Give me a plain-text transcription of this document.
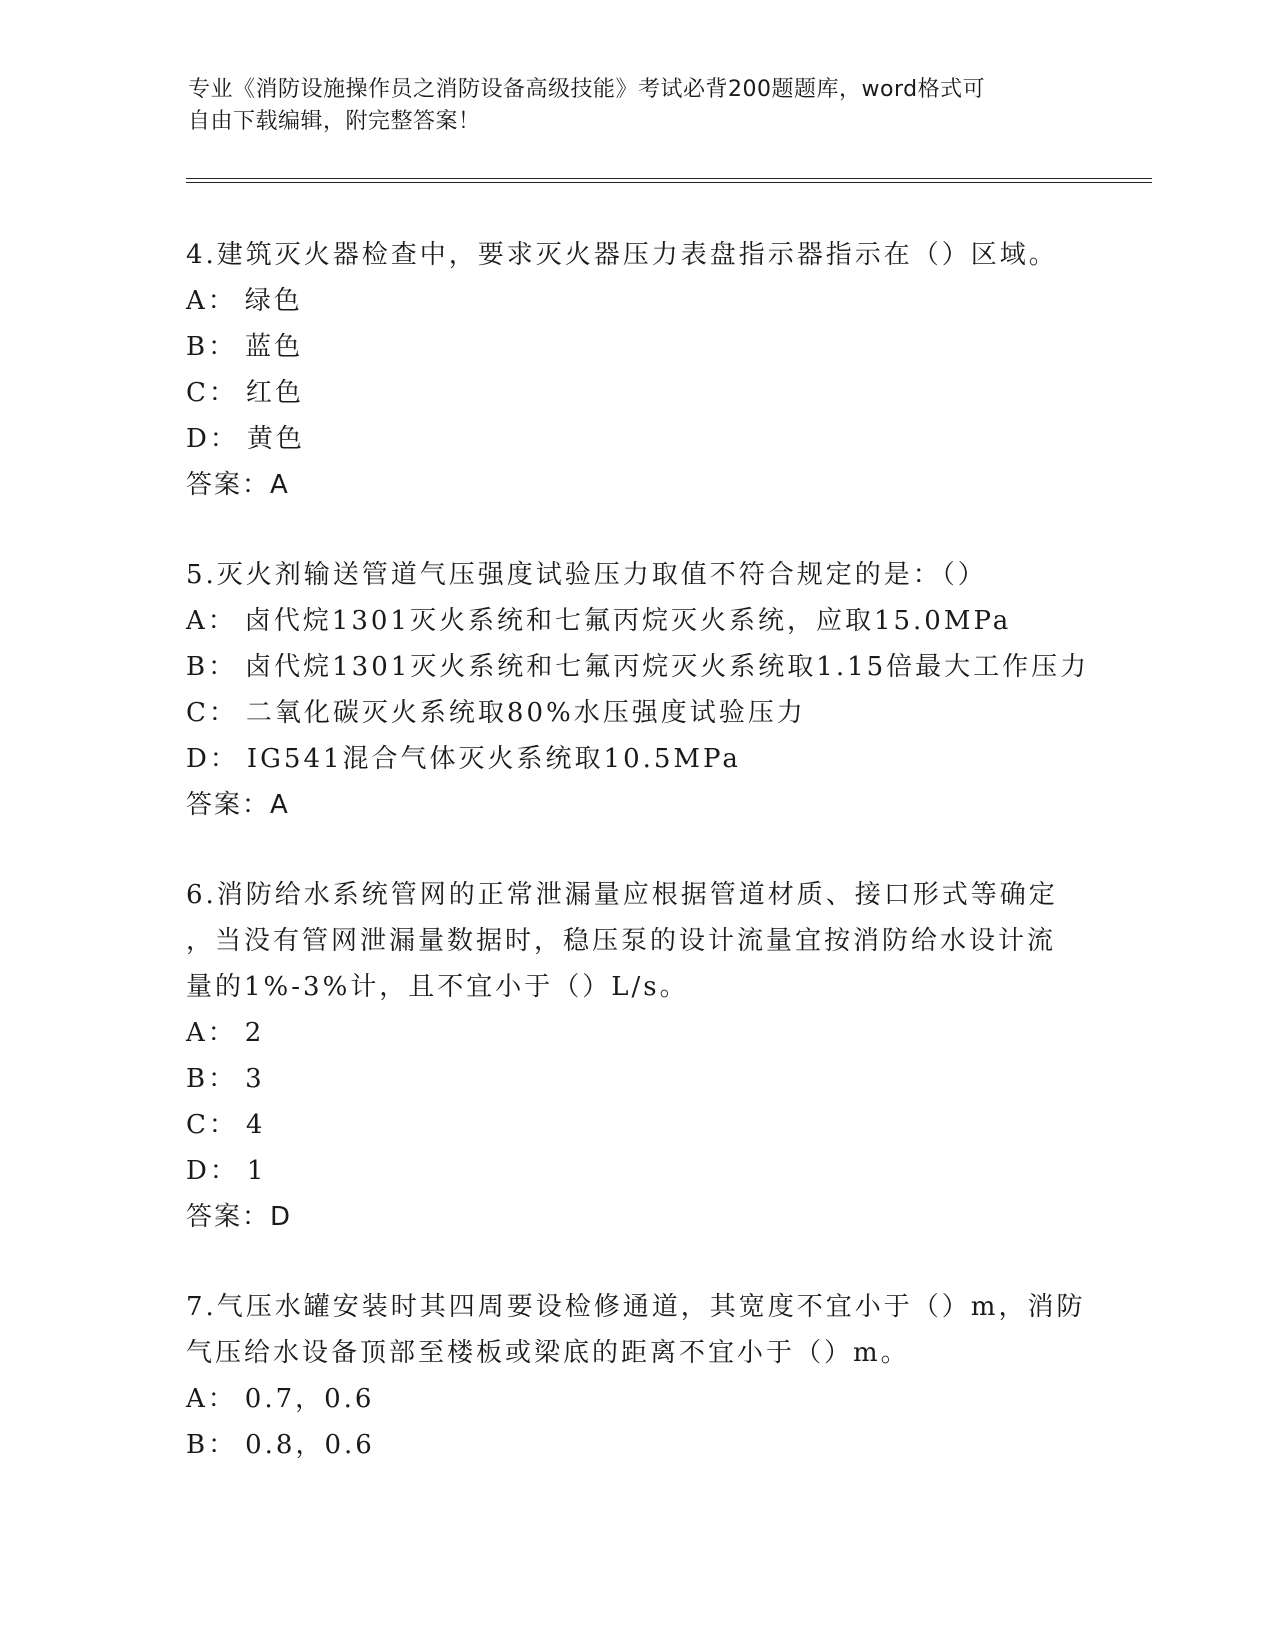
专业《消防设施操作员之消防设备高级技能》考试必背200题题库，word格式可
自由下载编辑，附完整答案！
4.建筑灭火器检查中，要求灭火器压力表盘指示器指示在（）区域。
A： 绿色
B： 蓝色
C： 红色
D： 黄色
答案：A
5.灭火剂输送管道气压强度试验压力取值不符合规定的是：（）
A： 卤代烷1301灭火系统和七氟丙烷灭火系统，应取15.0MPa
B： 卤代烷1301灭火系统和七氟丙烷灭火系统取1.15倍最大工作压力
C： 二氧化碳灭火系统取80%水压强度试验压力
D： IG541混合气体灭火系统取10.5MPa
答案：A
6.消防给水系统管网的正常泄漏量应根据管道材质、接口形式等确定
，当没有管网泄漏量数据时，稳压泵的设计流量宜按消防给水设计流
量的1%-3%计，且不宜小于（）L/s。
A： 2
B： 3
C： 4
D： 1
答案：D
7.气压水罐安装时其四周要设检修通道，其宽度不宜小于（）m，消防
气压给水设备顶部至楼板或梁底的距离不宜小于（）m。
A： 0.7，0.6
B： 0.8，0.6
